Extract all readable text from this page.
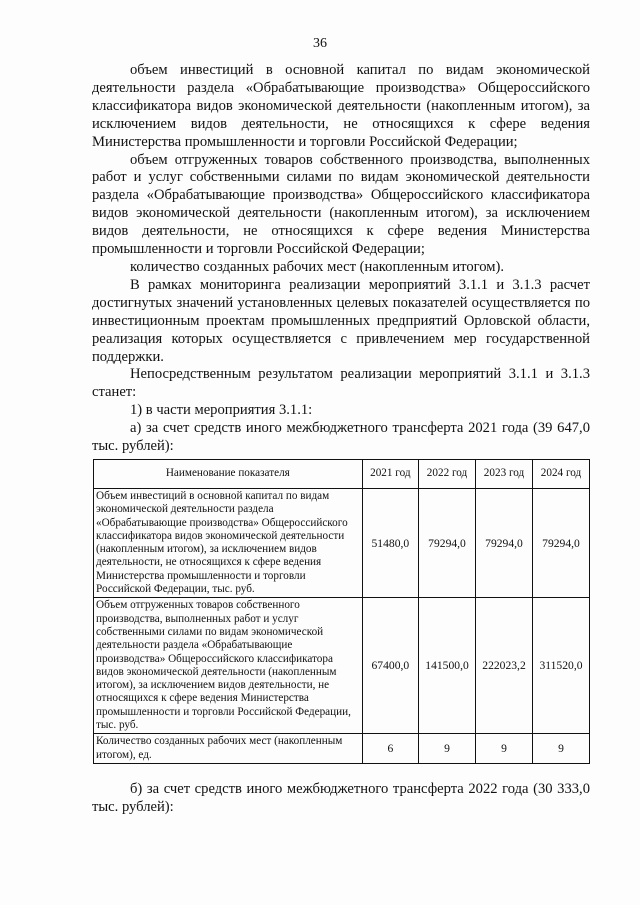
36

объем инвестиций в основной капитал по видам экономической деятельности раздела «Обрабатывающие производства» Общероссийского классификатора видов экономической деятельности (накопленным итогом), за исключением видов деятельности, не относящихся к сфере ведения Министерства промышленности и торговли Российской Федерации;

объем отгруженных товаров собственного производства, выполненных работ и услуг собственными силами по видам экономической деятельности раздела «Обрабатывающие производства» Общероссийского классификатора видов экономической деятельности (накопленным итогом), за исключением видов деятельности, не относящихся к сфере ведения Министерства промышленности и торговли Российской Федерации;

количество созданных рабочих мест (накопленным итогом).

В рамках мониторинга реализации мероприятий 3.1.1 и 3.1.3 расчет достигнутых значений установленных целевых показателей осуществляется по инвестиционным проектам промышленных предприятий Орловской области, реализация которых осуществляется с привлечением мер государственной поддержки.

Непосредственным результатом реализации мероприятий 3.1.1 и 3.1.3 станет:

1) в части мероприятия 3.1.1:

а) за счет средств иного межбюджетного трансферта 2021 года (39 647,0 тыс. рублей):

Наименование показателя	2021 год	2022 год	2023 год	2024 год
Объем инвестиций в основной капитал по видам экономической деятельности раздела «Обрабатывающие производства» Общероссийского классификатора видов экономической деятельности (накопленным итогом), за исключением видов деятельности, не относящихся к сфере ведения Министерства промышленности и торговли Российской Федерации, тыс. руб.	51480,0	79294,0	79294,0	79294,0
Объем отгруженных товаров собственного производства, выполненных работ и услуг собственными силами по видам экономической деятельности раздела «Обрабатывающие производства» Общероссийского классификатора видов экономической деятельности (накопленным итогом), за исключением видов деятельности, не относящихся к сфере ведения Министерства промышленности и торговли Российской Федерации, тыс. руб.	67400,0	141500,0	222023,2	311520,0
Количество созданных рабочих мест (накопленным итогом), ед.	6	9	9	9

б) за счет средств иного межбюджетного трансферта 2022 года (30 333,0 тыс. рублей):
